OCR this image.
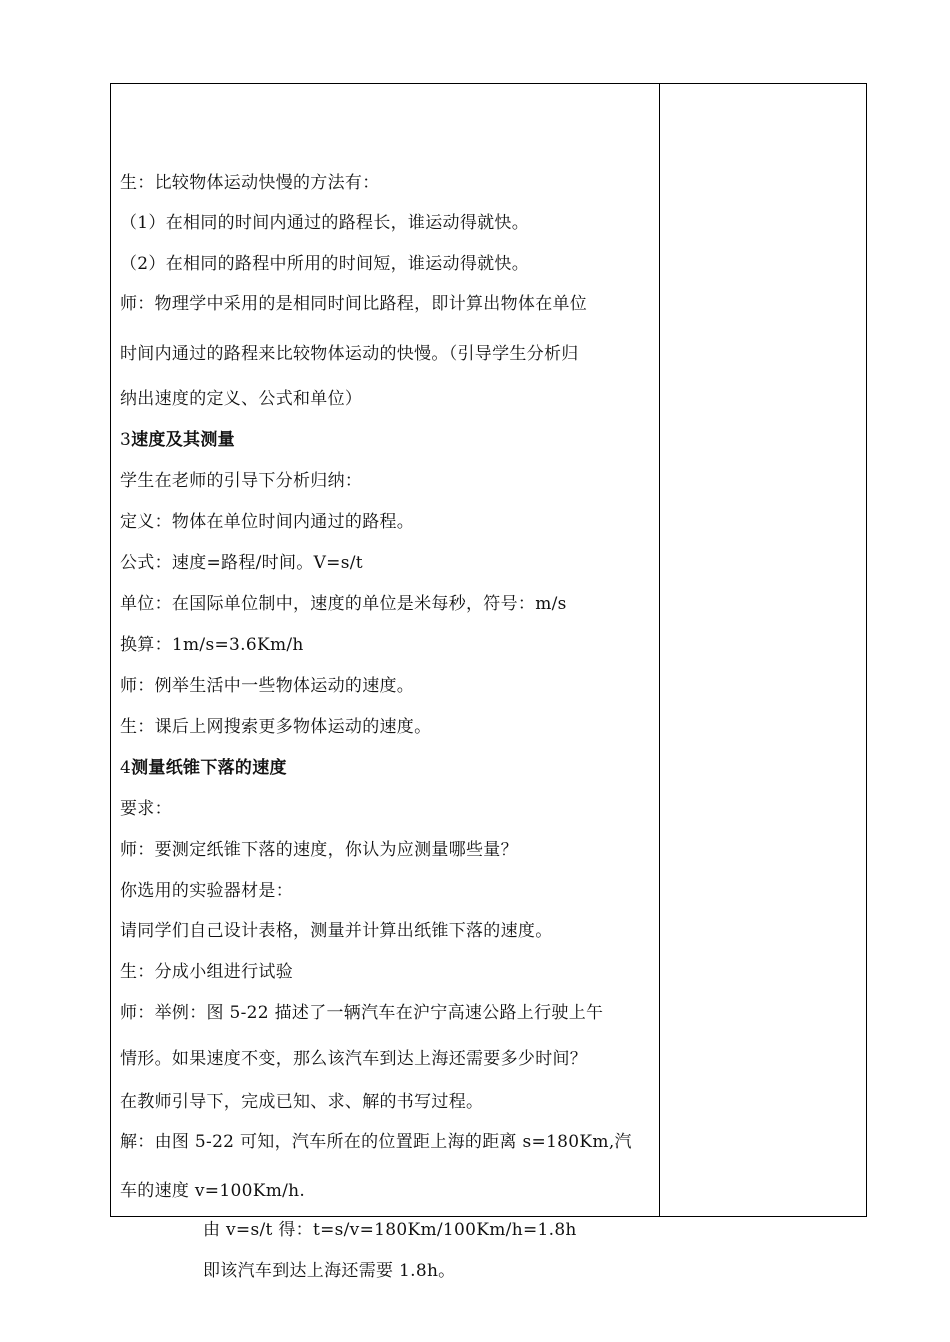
生：比较物体运动快慢的方法有：
（1）在相同的时间内通过的路程长，谁运动得就快。
（2）在相同的路程中所用的时间短，谁运动得就快。
师：物理学中采用的是相同时间比路程，即计算出物体在单位
时间内通过的路程来比较物体运动的快慢。（引导学生分析归
纳出速度的定义、公式和单位）
3速度及其测量
学生在老师的引导下分析归纳：
定义：物体在单位时间内通过的路程。
公式：速度=路程/时间。V=s/t
单位：在国际单位制中，速度的单位是米每秒，符号：m/s
换算：1m/s=3.6Km/h
师：例举生活中一些物体运动的速度。
生：课后上网搜索更多物体运动的速度。
4测量纸锥下落的速度
要求：
师：要测定纸锥下落的速度，你认为应测量哪些量？
你选用的实验器材是：
请同学们自己设计表格，测量并计算出纸锥下落的速度。
生：分成小组进行试验
师：举例：图 5-22 描述了一辆汽车在沪宁高速公路上行驶上午
情形。如果速度不变，那么该汽车到达上海还需要多少时间？
在教师引导下，完成已知、求、解的书写过程。
解：由图 5-22 可知，汽车所在的位置距上海的距离 s=180Km,汽
车的速度 v=100Km/h.
由 v=s/t 得：t=s/v=180Km/100Km/h=1.8h
即该汽车到达上海还需要 1.8h。
